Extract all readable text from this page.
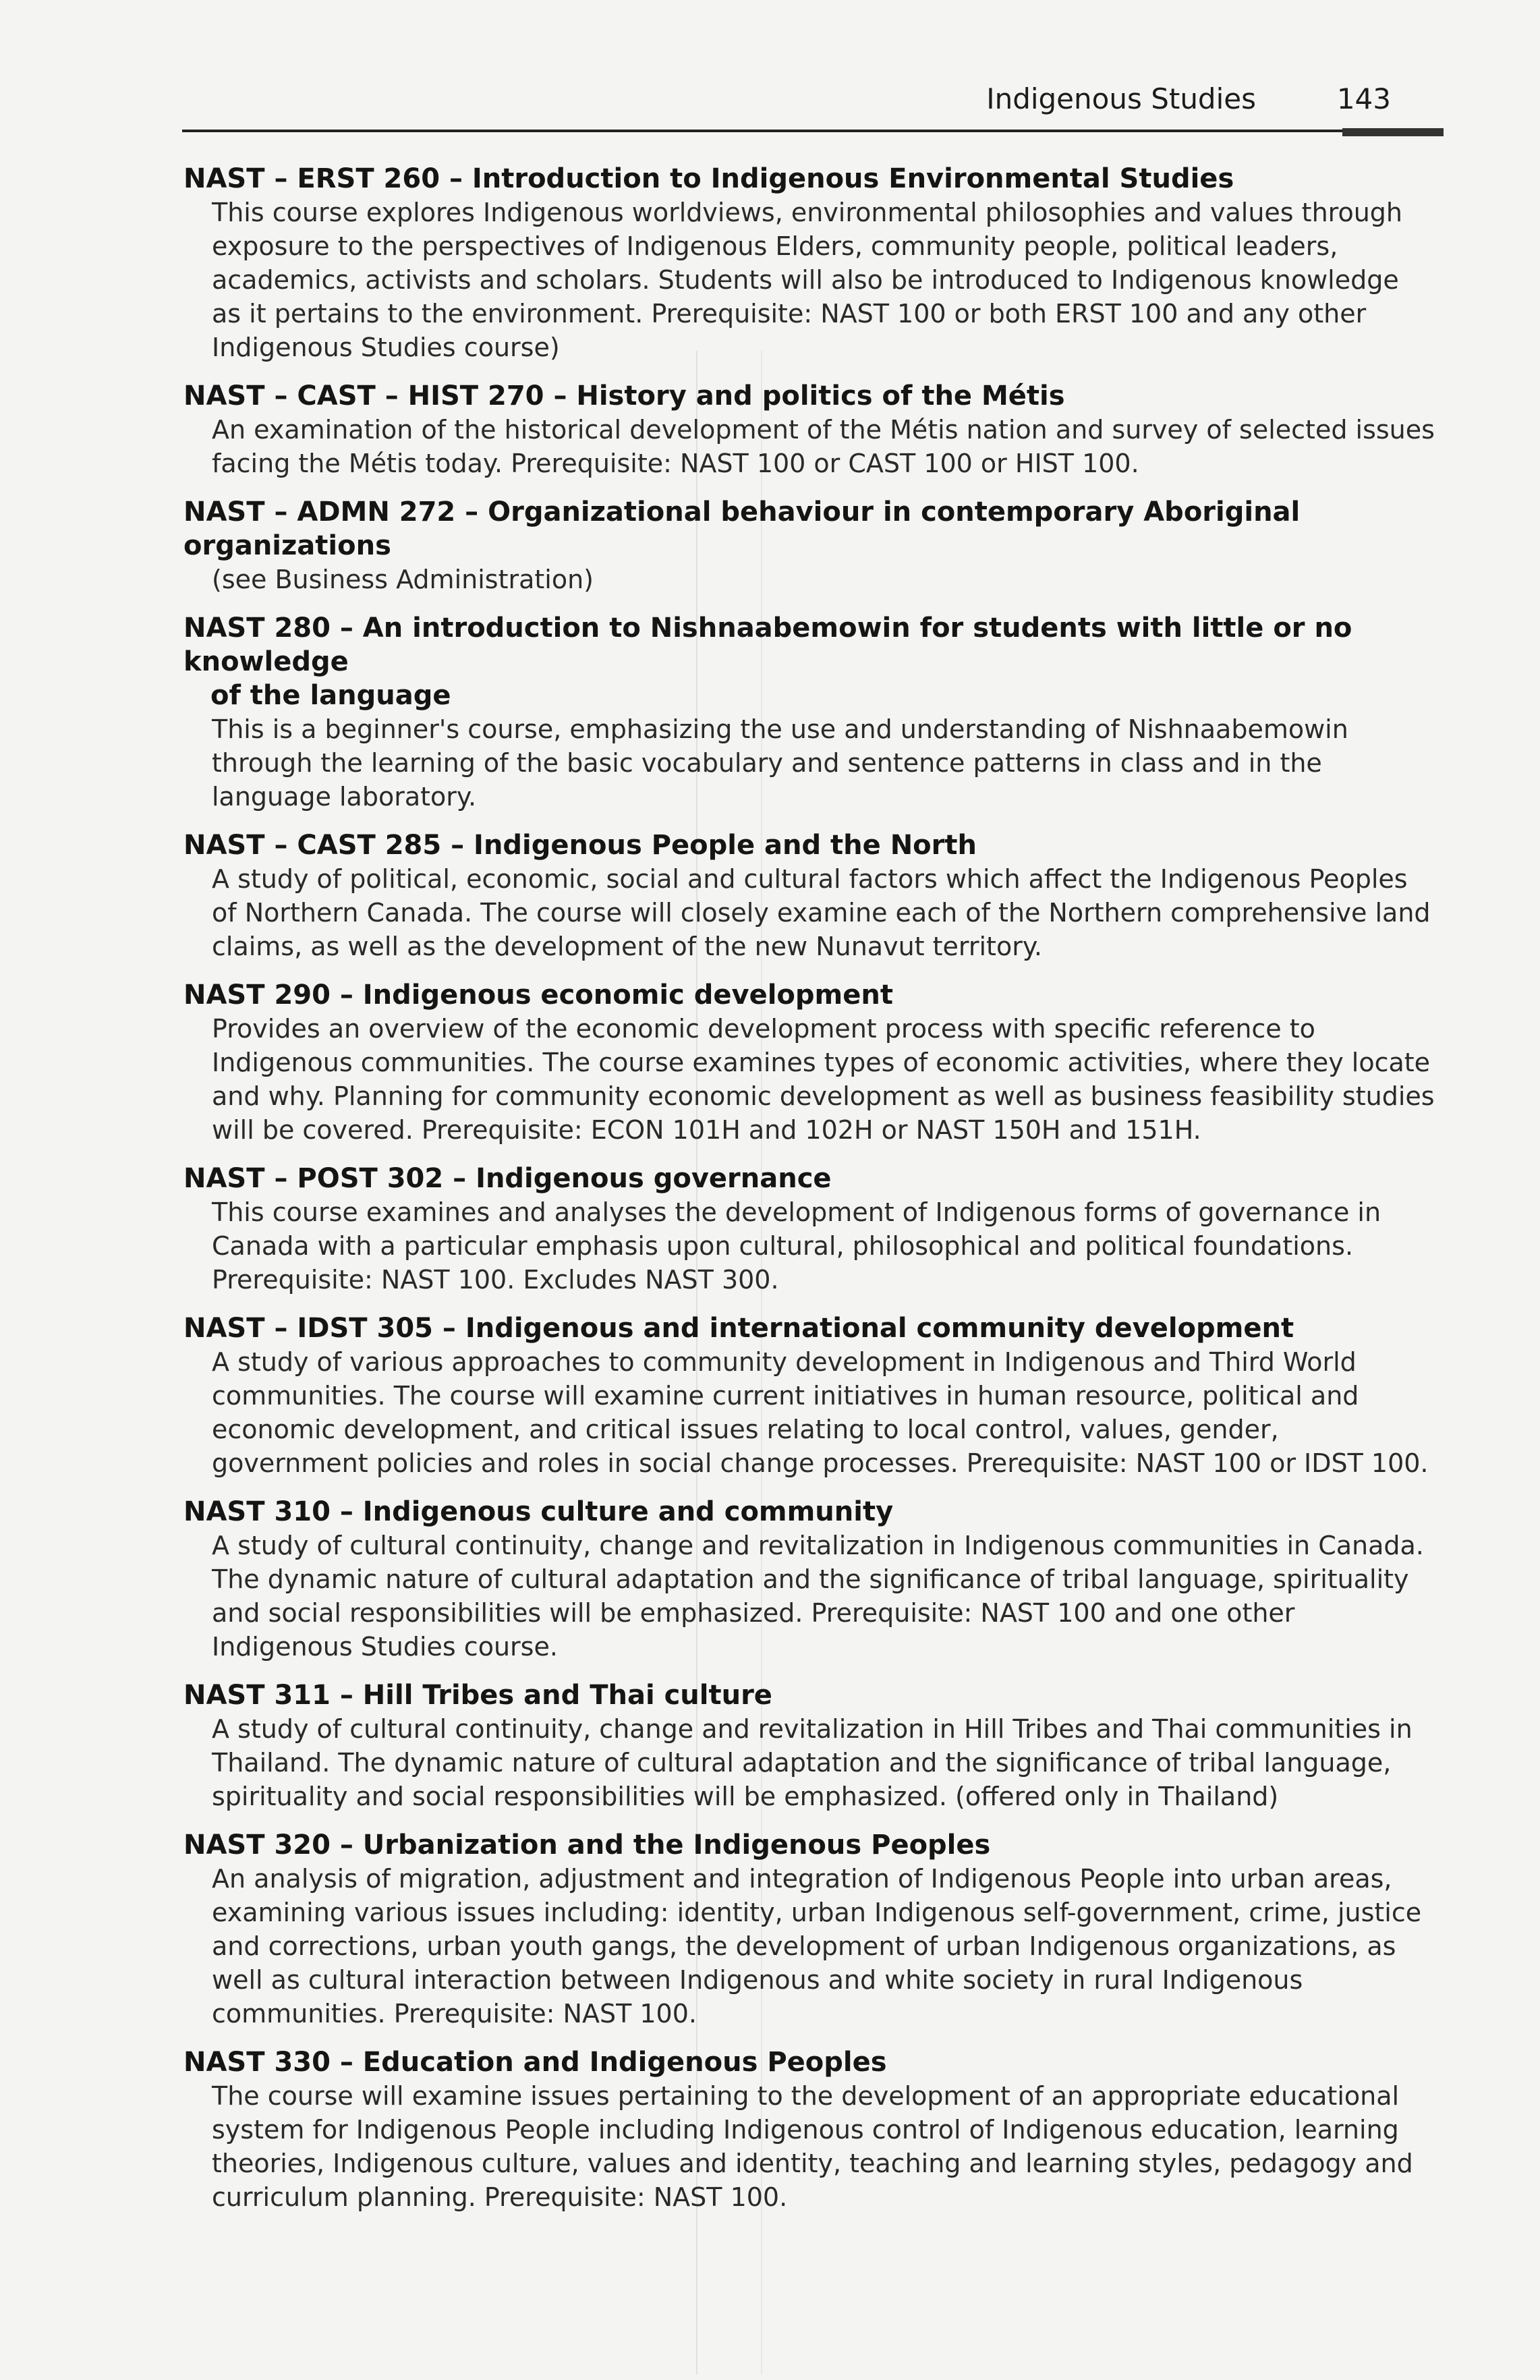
Indigenous Studies	143
NAST – ERST 260 – Introduction to Indigenous Environmental Studies
This course explores Indigenous worldviews, environmental philosophies and values through exposure to the perspectives of Indigenous Elders, community people, political leaders, academics, activists and scholars. Students will also be introduced to Indigenous knowledge as it pertains to the environment. Prerequisite: NAST 100 or both ERST 100 and any other Indigenous Studies course)
NAST – CAST – HIST 270 – History and politics of the Métis
An examination of the historical development of the Métis nation and survey of selected issues facing the Métis today. Prerequisite: NAST 100 or CAST 100 or HIST 100.
NAST – ADMN 272 – Organizational behaviour in contemporary Aboriginal organizations
(see Business Administration)
NAST 280 – An introduction to Nishnaabemowin for students with little or no knowledge
of the language
This is a beginner's course, emphasizing the use and understanding of Nishnaabemowin through the learning of the basic vocabulary and sentence patterns in class and in the language laboratory.
NAST – CAST 285 – Indigenous People and the North
A study of political, economic, social and cultural factors which affect the Indigenous Peoples of Northern Canada. The course will closely examine each of the Northern comprehensive land claims, as well as the development of the new Nunavut territory.
NAST 290 – Indigenous economic development
Provides an overview of the economic development process with specific reference to Indigenous communities. The course examines types of economic activities, where they locate and why. Planning for community economic development as well as business feasibility studies will be covered. Prerequisite: ECON 101H and 102H or NAST 150H and 151H.
NAST – POST 302 – Indigenous governance
This course examines and analyses the development of Indigenous forms of governance in Canada with a particular emphasis upon cultural, philosophical and political foundations. Prerequisite: NAST 100. Excludes NAST 300.
NAST – IDST 305 – Indigenous and international community development
A study of various approaches to community development in Indigenous and Third World communities. The course will examine current initiatives in human resource, political and economic development, and critical issues relating to local control, values, gender, government policies and roles in social change processes. Prerequisite: NAST 100 or IDST 100.
NAST 310 – Indigenous culture and community
A study of cultural continuity, change and revitalization in Indigenous communities in Canada. The dynamic nature of cultural adaptation and the significance of tribal language, spirituality and social responsibilities will be emphasized. Prerequisite: NAST 100 and one other Indigenous Studies course.
NAST 311 – Hill Tribes and Thai culture
A study of cultural continuity, change and revitalization in Hill Tribes and Thai communities in Thailand. The dynamic nature of cultural adaptation and the significance of tribal language, spirituality and social responsibilities will be emphasized. (offered only in Thailand)
NAST 320 – Urbanization and the Indigenous Peoples
An analysis of migration, adjustment and integration of Indigenous People into urban areas, examining various issues including: identity, urban Indigenous self-government, crime, justice and corrections, urban youth gangs, the development of urban Indigenous organizations, as well as cultural interaction between Indigenous and white society in rural Indigenous communities. Prerequisite: NAST 100.
NAST 330 – Education and Indigenous Peoples
The course will examine issues pertaining to the development of an appropriate educational system for Indigenous People including Indigenous control of Indigenous education, learning theories, Indigenous culture, values and identity, teaching and learning styles, pedagogy and curriculum planning. Prerequisite: NAST 100.
